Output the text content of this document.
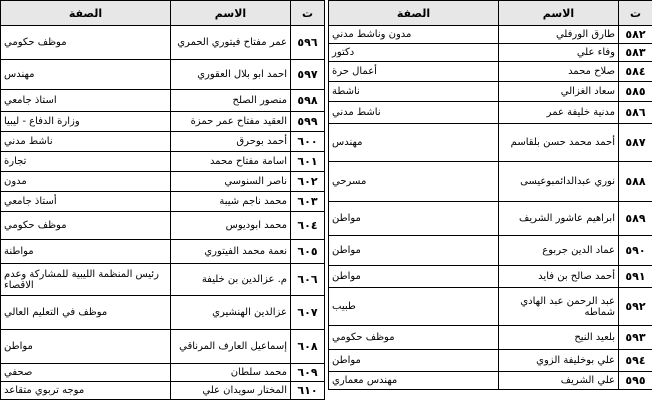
ت	الاسم	الصفة
٥٩٦	عمر مفتاح فيتوري الحمري	موظف حكومي
٥٩٧	احمد ابو بلال العقوري	مهندس
٥٩٨	منصور الصلح	استاذ جامعي
٥٩٩	العقيد مفتاح عمر حمزة	وزارة الدفاع - ليبيا
٦٠٠	أحمد بوحرق	ناشط مدني
٦٠١	اسامة مفتاح محمد	تجارة
٦٠٢	ناصر السنوسي	مدون
٦٠٣	محمد ناجم شيبة	أستاذ جامعي
٦٠٤	محمد ابوديوس	موظف حكومي
٦٠٥	نعمة محمد الفيتوري	مواطنة
٦٠٦	م. عزالدين بن خليفة	رئيس المنظمة الليبية للمشاركة وعدم الاقصاء
٦٠٧	عزالدين الهنشيري	موظف في التعليم العالي
٦٠٨	إسماعيل العارف المرناقي	مواطن
٦٠٩	محمد سلطان	صحفي
٦١٠	المختار سويدان علي	موجه تربوي متقاعد
ت	الاسم	الصفة
٥٨٢	طارق الورفلي	مدون وناشط مدني
٥٨٣	وفاء علي	دكتور
٥٨٤	صلاح محمد	أعمال حرة
٥٨٥	سعاد الغزالي	ناشطة
٥٨٦	مدنية خليفة عمر	ناشط مدني
٥٨٧	أحمد محمد حسن بلقاسم	مهندس
٥٨٨	نوري عبدالدائمبوعيسى	مسرحي
٥٨٩	ابراهيم عاشور الشريف	مواطن
٥٩٠	عماد الدين جربوع	مواطن
٥٩١	أحمد صالح بن فايد	مواطن
٥٩٢	عبد الرحمن عبد الهادي شماطه	طبيب
٥٩٣	بلعيد النيح	موظف حكومي
٥٩٤	علي بوخليفة الزوي	مواطن
٥٩٥	علي الشريف	مهندس معماري
